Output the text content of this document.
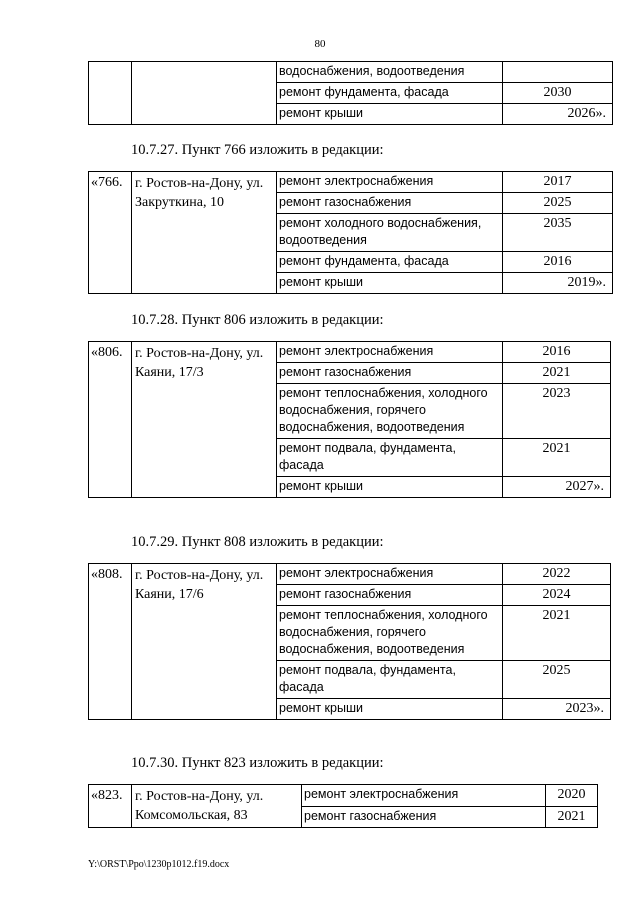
80
		водоснабжения, водоотведения	
		ремонт фундамента, фасада	2030
		ремонт крыши	2026».
10.7.27. Пункт 766 изложить в редакции:
«766.	г. Ростов-на-Дону, ул. Закруткина, 10	ремонт электроснабжения	2017
		ремонт газоснабжения	2025
		ремонт холодного водоснабжения, водоотведения	2035
		ремонт фундамента, фасада	2016
		ремонт крыши	2019».
10.7.28. Пункт 806 изложить в редакции:
«806.	г. Ростов-на-Дону, ул. Каяни, 17/3	ремонт электроснабжения	2016
		ремонт газоснабжения	2021
		ремонт теплоснабжения, холодного водоснабжения, горячего водоснабжения, водоотведения	2023
		ремонт подвала, фундамента, фасада	2021
		ремонт крыши	2027».
10.7.29. Пункт 808 изложить в редакции:
«808.	г. Ростов-на-Дону, ул. Каяни, 17/6	ремонт электроснабжения	2022
		ремонт газоснабжения	2024
		ремонт теплоснабжения, холодного водоснабжения, горячего водоснабжения, водоотведения	2021
		ремонт подвала, фундамента, фасада	2025
		ремонт крыши	2023».
10.7.30. Пункт 823 изложить в редакции:
«823.	г. Ростов-на-Дону, ул. Комсомольская, 83	ремонт электроснабжения	2020
		ремонт газоснабжения	2021
Y:\ORST\Ppo\1230p1012.f19.docx
